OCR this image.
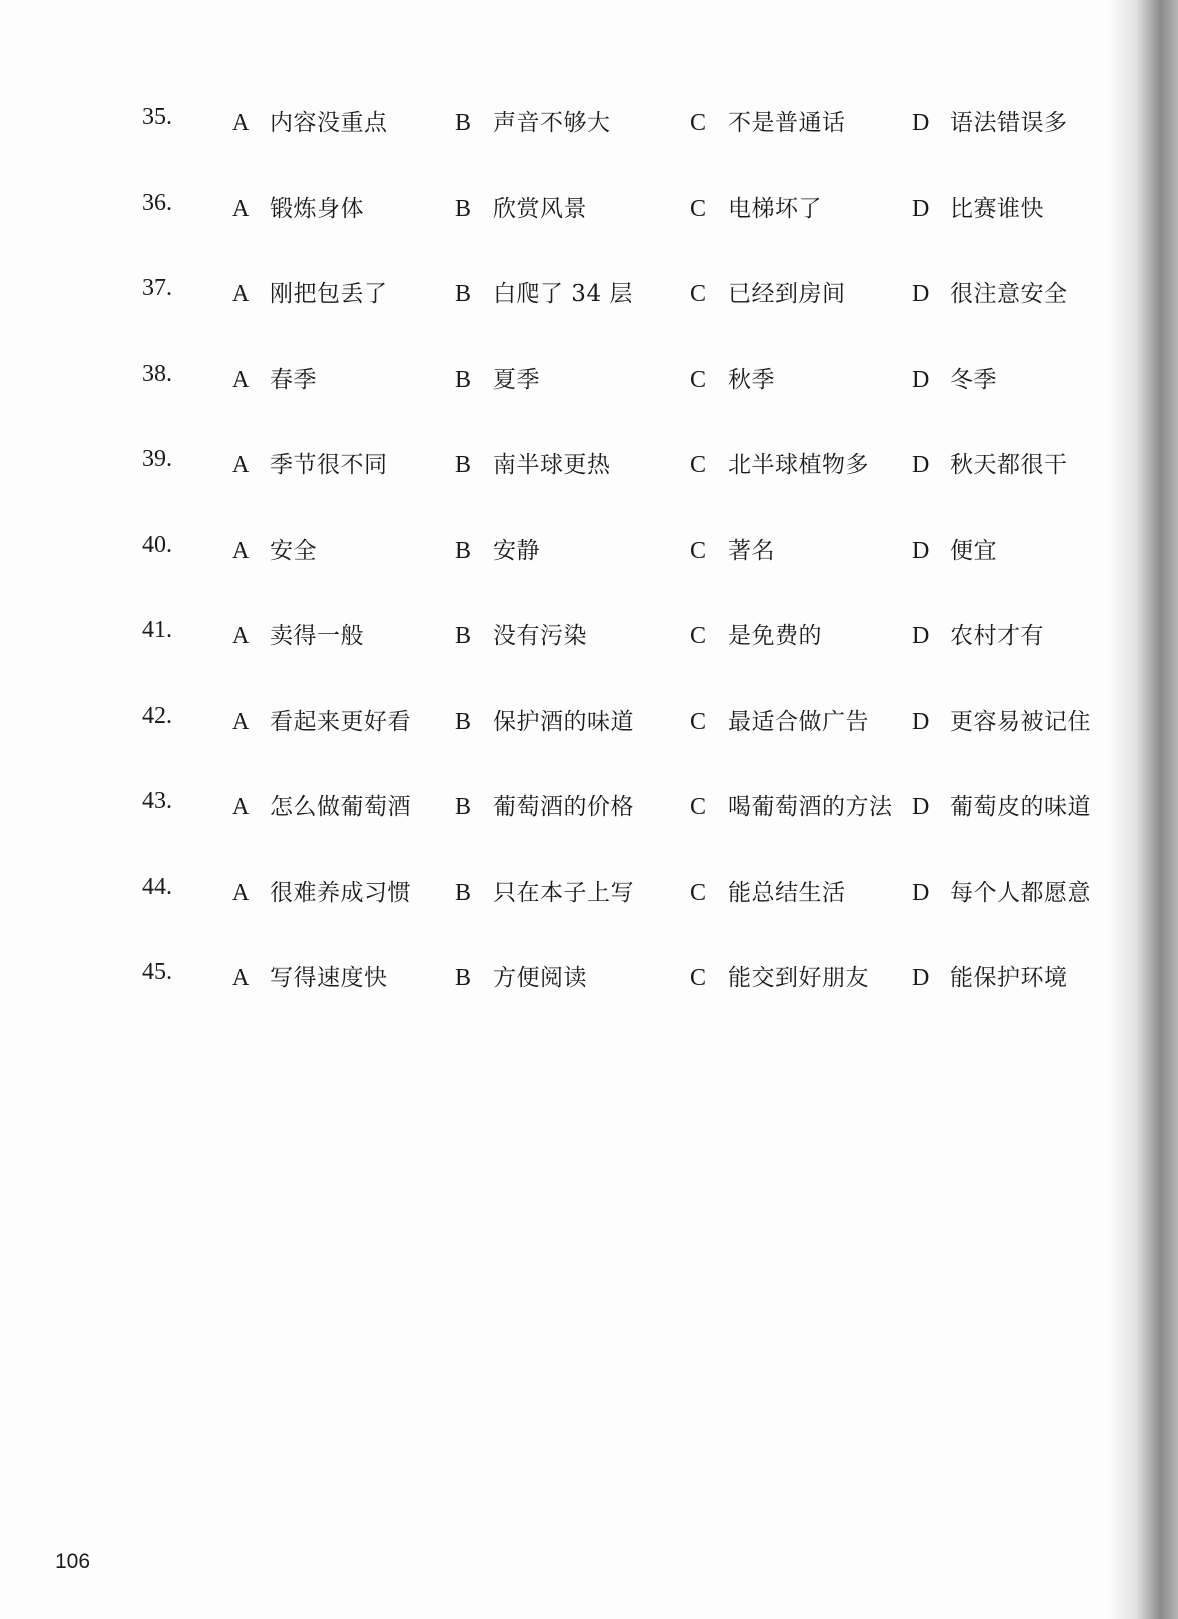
35.	A 内容没重点	B 声音不够大	C 不是普通话	D 语法错误多
36.	A 锻炼身体	B 欣赏风景	C 电梯坏了	D 比赛谁快
37.	A 刚把包丢了	B 白爬了 34 层 C 已经到房间	D 很注意安全
38.	A 春季	B 夏季	C 秋季	D 冬季
39.	A 季节很不同	B 南半球更热	C 北半球植物多 D 秋天都很干
40.	A 安全	B 安静	C 著名	D 便宜
41.	A 卖得一般	B 没有污染	C 是免费的	D 农村才有
42.	A 看起来更好看 B 保护酒的味道 C 最适合做广告 D 更容易被记住
43.	A 怎么做葡萄酒 B 葡萄酒的价格 C 喝葡萄酒的方法 D 葡萄皮的味道
44.	A 很难养成习惯 B 只在本子上写 C 能总结生活	D 每个人都愿意
45.	A 写得速度快	B 方便阅读	C 能交到好朋友 D 能保护环境
106
